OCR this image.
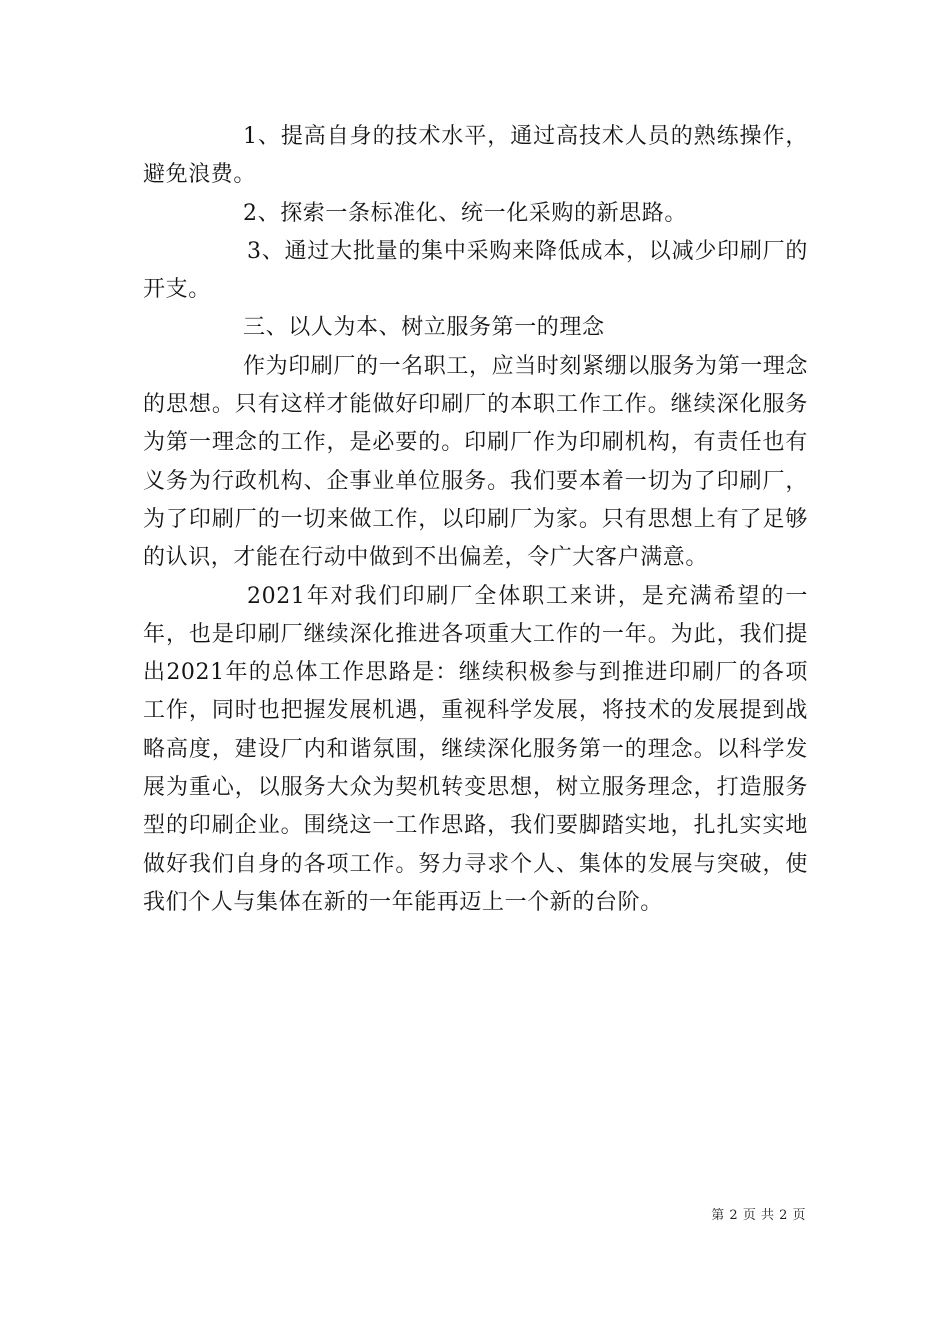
1、提高自身的技术水平，通过高技术人员的熟练操作，避免浪费。

2、探索一条标准化、统一化采购的新思路。

3、通过大批量的集中采购来降低成本，以减少印刷厂的开支。

三、以人为本、树立服务第一的理念

作为印刷厂的一名职工，应当时刻紧绷以服务为第一理念的思想。只有这样才能做好印刷厂的本职工作工作。继续深化服务为第一理念的工作，是必要的。印刷厂作为印刷机构，有责任也有义务为行政机构、企事业单位服务。我们要本着一切为了印刷厂，为了印刷厂的一切来做工作，以印刷厂为家。只有思想上有了足够的认识，才能在行动中做到不出偏差，令广大客户满意。

2021年对我们印刷厂全体职工来讲，是充满希望的一年，也是印刷厂继续深化推进各项重大工作的一年。为此，我们提出2021年的总体工作思路是：继续积极参与到推进印刷厂的各项工作，同时也把握发展机遇，重视科学发展，将技术的发展提到战略高度，建设厂内和谐氛围，继续深化服务第一的理念。以科学发展为重心，以服务大众为契机转变思想，树立服务理念，打造服务型的印刷企业。围绕这一工作思路，我们要脚踏实地，扎扎实实地做好我们自身的各项工作。努力寻求个人、集体的发展与突破，使我们个人与集体在新的一年能再迈上一个新的台阶。

第 2 页 共 2 页
